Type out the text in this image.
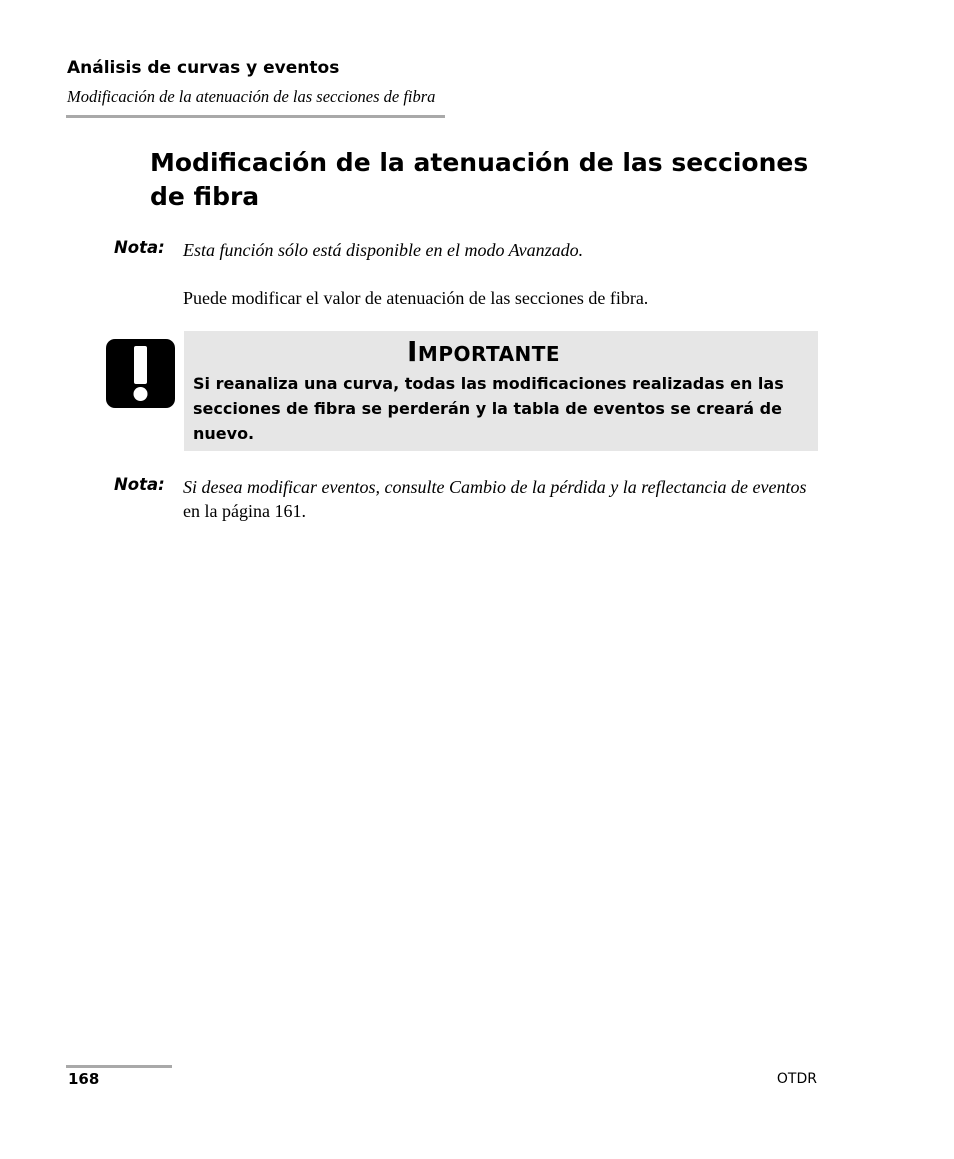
Análisis de curvas y eventos
Modificación de la atenuación de las secciones de fibra
Modificación de la atenuación de las secciones de fibra
Nota: Esta función sólo está disponible en el modo Avanzado.
Puede modificar el valor de atenuación de las secciones de fibra.
Importante
Si reanaliza una curva, todas las modificaciones realizadas en las secciones de fibra se perderán y la tabla de eventos se creará de nuevo.
Nota: Si desea modificar eventos, consulte Cambio de la pérdida y la reflectancia de eventos en la página 161.
168	OTDR
